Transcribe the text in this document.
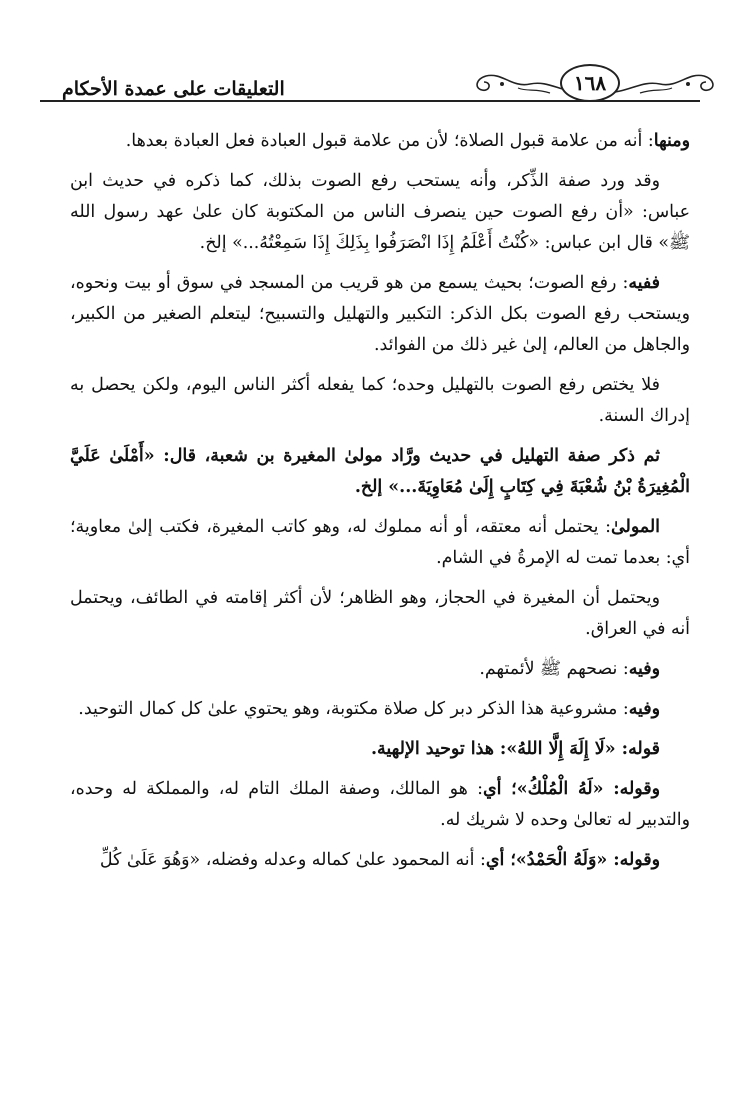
١٦٨
التعليقات على عمدة الأحكام

ومنها: أنه من علامة قبول الصلاة؛ لأن من علامة قبول العبادة فعل العبادة بعدها.

وقد ورد صفة الذِّكر، وأنه يستحب رفع الصوت بذلك، كما ذكره في حديث ابن عباس: «أن رفع الصوت حين ينصرف الناس من المكتوبة كان علىٰ عهد رسول الله ﷺ» قال ابن عباس: «كُنْتُ أَعْلَمُ إِذَا انْصَرَفُوا بِذَلِكَ إِذَا سَمِعْتُهُ...» إلخ.

ففيه: رفع الصوت؛ بحيث يسمع من هو قريب من المسجد في سوق أو بيت ونحوه، ويستحب رفع الصوت بكل الذكر: التكبير والتهليل والتسبيح؛ ليتعلم الصغير من الكبير، والجاهل من العالم، إلىٰ غير ذلك من الفوائد.

فلا يختص رفع الصوت بالتهليل وحده؛ كما يفعله أكثر الناس اليوم، ولكن يحصل به إدراك السنة.

ثم ذكر صفة التهليل في حديث ورَّاد مولىٰ المغيرة بن شعبة، قال: «أَمْلَىٰ عَلَيَّ الْمُغِيرَةُ بْنُ شُعْبَةَ فِي كِتَابٍ إِلَىٰ مُعَاوِيَةَ...» إلخ.

المولىٰ: يحتمل أنه معتقه، أو أنه مملوك له، وهو كاتب المغيرة، فكتب إلىٰ معاوية؛ أي: بعدما تمت له الإمرةُ في الشام.

ويحتمل أن المغيرة في الحجاز، وهو الظاهر؛ لأن أكثر إقامته في الطائف، ويحتمل أنه في العراق.

وفيه: نصحهم ﷺ لأئمتهم.

وفيه: مشروعية هذا الذكر دبر كل صلاة مكتوبة، وهو يحتوي علىٰ كل كمال التوحيد.

قوله: «لَا إِلَهَ إِلَّا اللهُ»: هذا توحيد الإلهية.

وقوله: «لَهُ الْمُلْكُ»؛ أي: هو المالك، وصفة الملك التام له، والمملكة له وحده، والتدبير له تعالىٰ وحده لا شريك له.

وقوله: «وَلَهُ الْحَمْدُ»؛ أي: أنه المحمود علىٰ كماله وعدله وفضله، «وَهُوَ عَلَىٰ كُلِّ
